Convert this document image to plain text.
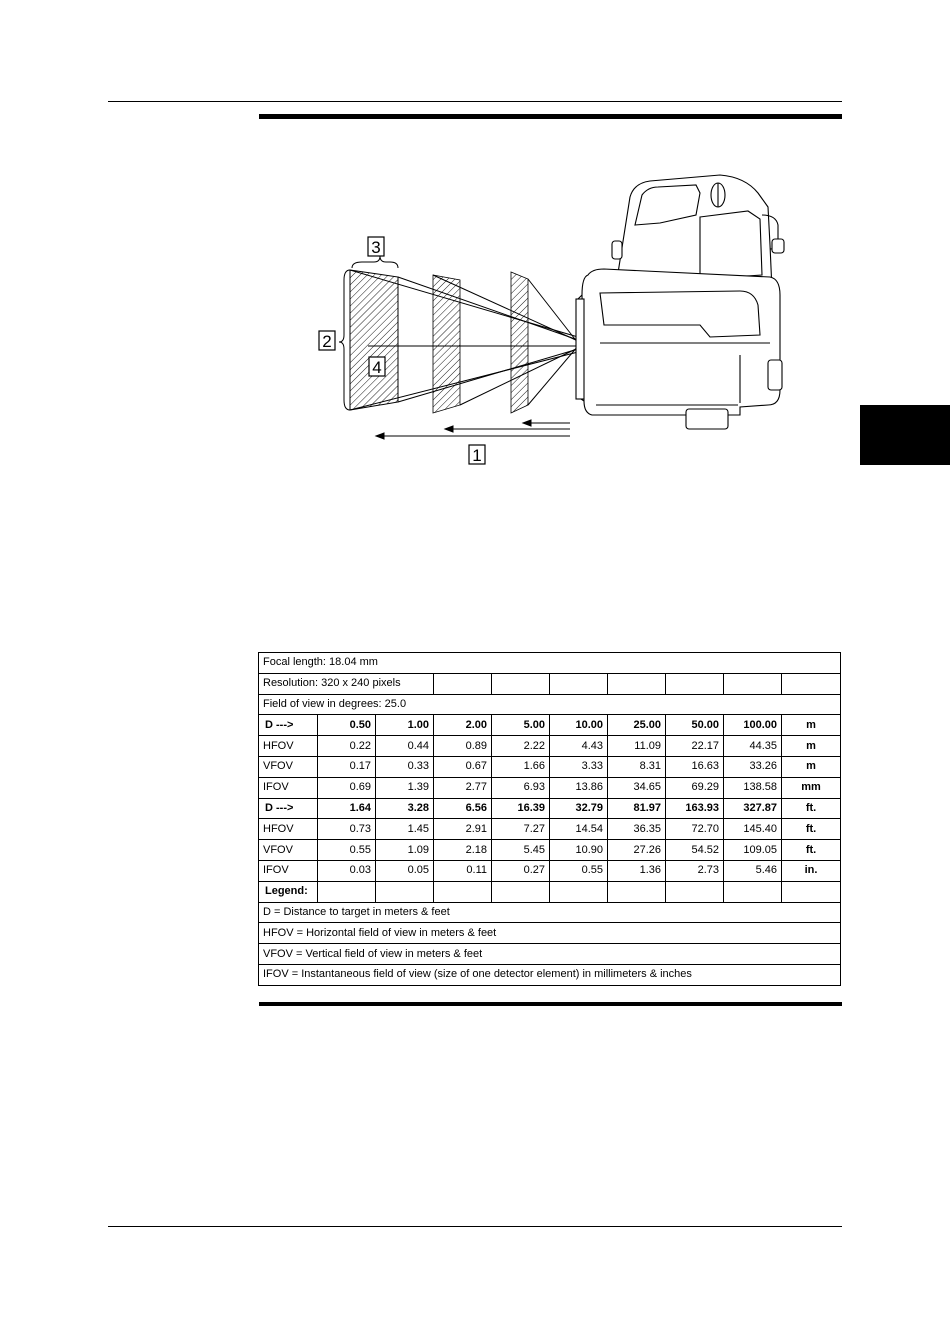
3
2
4
1
Focal length: 18.04 mm									
Resolution: 320 x 240 pixels									
Field of view in degrees: 25.0									
D --->	0.50	1.00	2.00	5.00	10.00	25.00	50.00	100.00	m
HFOV	0.22	0.44	0.89	2.22	4.43	11.09	22.17	44.35	m
VFOV	0.17	0.33	0.67	1.66	3.33	8.31	16.63	33.26	m
IFOV	0.69	1.39	2.77	6.93	13.86	34.65	69.29	138.58	mm
D --->	1.64	3.28	6.56	16.39	32.79	81.97	163.93	327.87	ft.
HFOV	0.73	1.45	2.91	7.27	14.54	36.35	72.70	145.40	ft.
VFOV	0.55	1.09	2.18	5.45	10.90	27.26	54.52	109.05	ft.
IFOV	0.03	0.05	0.11	0.27	0.55	1.36	2.73	5.46	in.
Legend:									
D = Distance to target in meters & feet									
HFOV = Horizontal field of view in meters & feet									
VFOV = Vertical field of view in meters & feet									
IFOV = Instantaneous field of view (size of one detector element) in millimeters & inches									
